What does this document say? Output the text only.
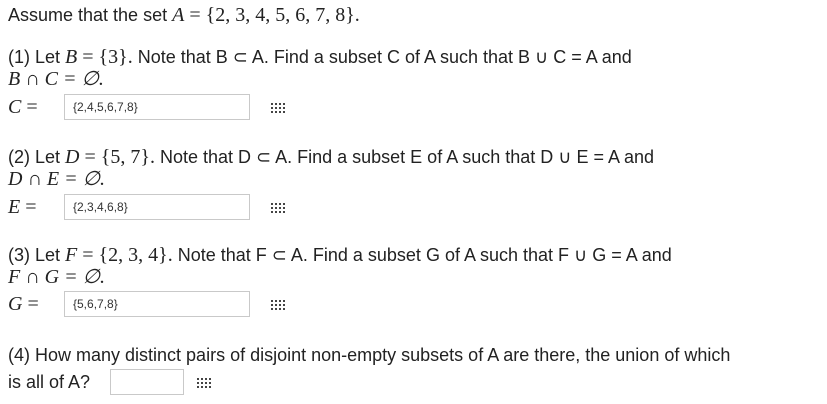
Assume that the set A = {2, 3, 4, 5, 6, 7, 8}.
(1) Let B = {3}. Note that B ⊂ A. Find a subset C of A such that B ∪ C = A and
B ∩ C = ∅.
C =	{2,4,5,6,7,8}
(2) Let D = {5, 7}. Note that D ⊂ A. Find a subset E of A such that D ∪ E = A and
D ∩ E = ∅.
E =	{2,3,4,6,8}
(3) Let F = {2, 3, 4}. Note that F ⊂ A. Find a subset G of A such that F ∪ G = A and
F ∩ G = ∅.
G =	{5,6,7,8}
(4) How many distinct pairs of disjoint non-empty subsets of A are there, the union of which
is all of A?
